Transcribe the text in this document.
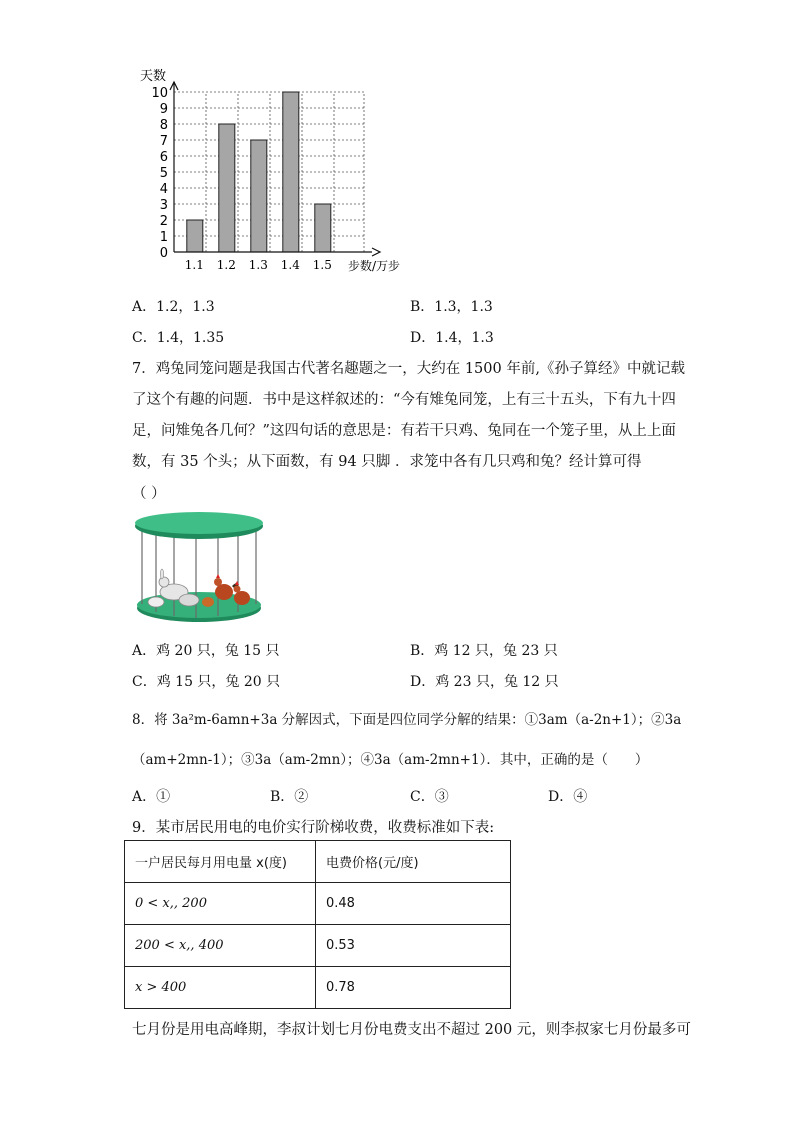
1.1 1.2 1.3 1.4 1.5
0
1
2
3
4
5
6
7
8
9
10
天数
步数/万步
A．1.2，1.3	B．1.3，1.3
C．1.4，1.35	D．1.4，1.3
7．鸡兔同笼问题是我国古代著名趣题之一，大约在 1500 年前,《孙子算经》中就记载
了这个有趣的问题．书中是这样叙述的：“今有雉兔同笼，上有三十五头，下有九十四
足，问雉兔各几何？”这四句话的意思是：有若干只鸡、兔同在一个笼子里，从上上面
数，有 35 个头；从下面数，有 94 只脚 ．求笼中各有几只鸡和兔？经计算可得
（ ）
A．鸡 20 只，兔 15 只	B．鸡 12 只，兔 23 只
C．鸡 15 只，兔 20 只	D．鸡 23 只，兔 12 只
8．将 3a²m-6amn+3a 分解因式，下面是四位同学分解的结果：①3am（a-2n+1）；②3a
（am+2mn-1）；③3a（am-2mn）；④3a（am-2mn+1）．其中，正确的是（　　）
A．①	B．②	C．③	D．④
9．某市居民用电的电价实行阶梯收费，收费标准如下表:
一户居民每月用电量 x(度)	电费价格(元/度)
0 < x,, 200	0.48
200 < x,, 400	0.53
x > 400	0.78
七月份是用电高峰期，李叔计划七月份电费支出不超过 200 元，则李叔家七月份最多可
